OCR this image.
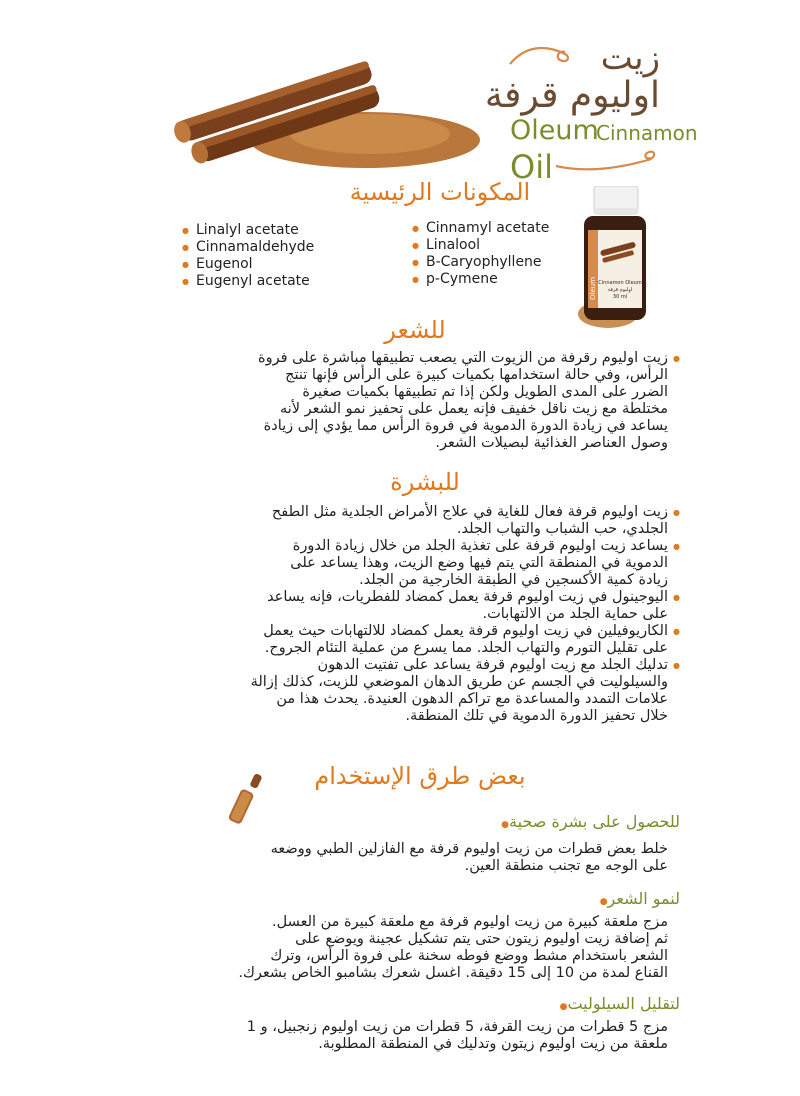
زيت
اوليوم قرفة
Oleum
Cinnamon
Oil
المكونات الرئيسية
● Linalyl acetate
● Cinnamaldehyde
● Eugenol
● Eugenyl acetate
● Cinnamyl acetate
● Linalool
● B-Caryophyllene
● p-Cymene	Oleum Cinnamon Oleum
اوليوم قرفة
30 ml
للشعر
● زيت اوليوم رقرفة من الزيوت التي يصعب تطبيقها مباشرة على فروة
الرأس، وفي حالة استخدامها بكميات كبيرة على الرأس فإنها تنتج
الضرر على المدى الطويل ولكن إذا تم تطبيقها بكميات صغيرة
مختلطة مع زيت ناقل خفيف فإنه يعمل على تحفيز نمو الشعر لأنه
يساعد في زيادة الدورة الدموية في فروة الرأس مما يؤدي إلى زيادة
وصول العناصر الغذائية لبصيلات الشعر.
للبشرة
● زيت اوليوم قرفة فعال للغاية في علاج الأمراض الجلدية مثل الطفح
الجلدي، حب الشباب والتهاب الجلد.
● يساعد زيت اوليوم قرفة على تغذية الجلد من خلال زيادة الدورة
الدموية في المنطقة التي يتم فيها وضع الزيت، وهذا يساعد على
زيادة كمية الأكسجين في الطبقة الخارجية من الجلد.
● اليوجينول في زيت اوليوم قرفة يعمل كمضاد للفطريات، فإنه يساعد
على حماية الجلد من الالتهابات.
● الكاريوفيلين في زيت اوليوم قرفة يعمل كمضاد للالتهابات حيث يعمل
على تقليل التورم والتهاب الجلد. مما يسرع من عملية التئام الجروح.
● تدليك الجلد مع زيت اوليوم قرفة يساعد على تفتيت الدهون
والسيلوليت في الجسم عن طريق الدهان الموضعي للزيت، كذلك إزالة
علامات التمدد والمساعدة مع تراكم الدهون العنيدة. يحدث هذا من
خلال تحفيز الدورة الدموية في تلك المنطقة.
بعض طرق الإستخدام
للحصول على بشرة صحية●
خلط بعض قطرات من زيت اوليوم قرفة مع الفازلين الطبي ووضعه
على الوجه مع تجنب منطقة العين.
لنمو الشعر●
مزج ملعقة كبيرة من زيت اوليوم قرفة مع ملعقة كبيرة من العسل.
ثم إضافة زيت اوليوم زيتون حتى يتم تشكيل عجينة ويوضع على
الشعر باستخدام مشط ووضع فوطه سخنة على فروة الرأس، وترك
القناع لمدة من 10 إلى 15 دقيقة. اغسل شعرك بشامبو الخاص بشعرك.
لتقليل السيلوليت●
مزج 5 قطرات من زيت القرفة، 5 قطرات من زيت اوليوم زنجبيل، و 1
ملعقة من زيت اوليوم زيتون وتدليك في المنطقة المطلوبة.
